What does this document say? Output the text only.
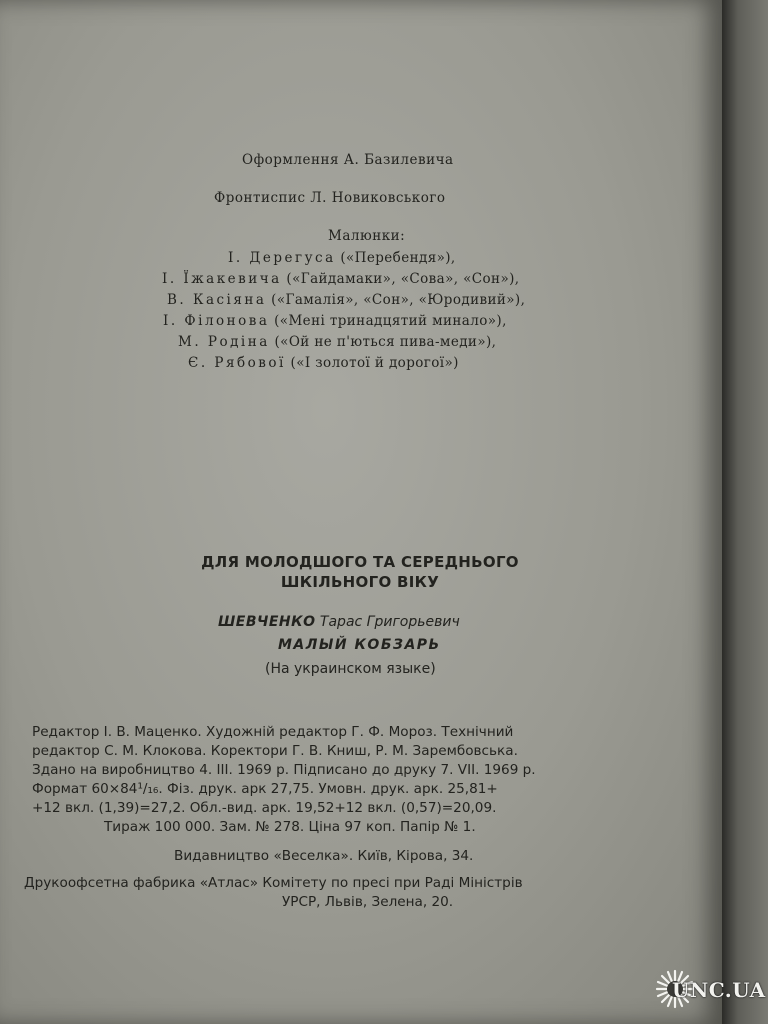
Оформлення А. Базилевича
Фронтиспис Л. Новиковського
Малюнки:
І. Дерегуса («Перебендя»),
І. Їжакевича («Гайдамаки», «Сова», «Сон»),
В. Касіяна («Гамалія», «Сон», «Юродивий»),
І. Філонова («Мені тринадцятий минало»),
М. Родіна («Ой не п'ються пива-меди»),
Є. Рябової («І золотої й дорогої»)
ДЛЯ МОЛОДШОГО ТА СЕРЕДНЬОГО
ШКІЛЬНОГО ВІКУ
ШЕВЧЕНКО Тарас Григорьевич
МАЛЫЙ КОБЗАРЬ
(На украинском языке)
Редактор І. В. Маценко. Художній редактор Г. Ф. Мороз. Технічний
редактор С. М. Клокова. Коректори Г. В. Книш, Р. М. Зарембовська.
Здано на виробництво 4. III. 1969 р. Підписано до друку 7. VII. 1969 р.
Формат 60×84¹/₁₆. Фіз. друк. арк 27,75. Умовн. друк. арк. 25,81+
+12 вкл. (1,39)=27,2. Обл.-вид. арк. 19,52+12 вкл. (0,57)=20,09.
Тираж 100 000. Зам. № 278. Ціна 97 коп. Папір № 1.
Видавництво «Веселка». Київ, Кірова, 34.
Друкоофсетна фабрика «Атлас» Комітету по пресі при Раді Міністрів
УРСР, Львів, Зелена, 20.
UNC.UA
